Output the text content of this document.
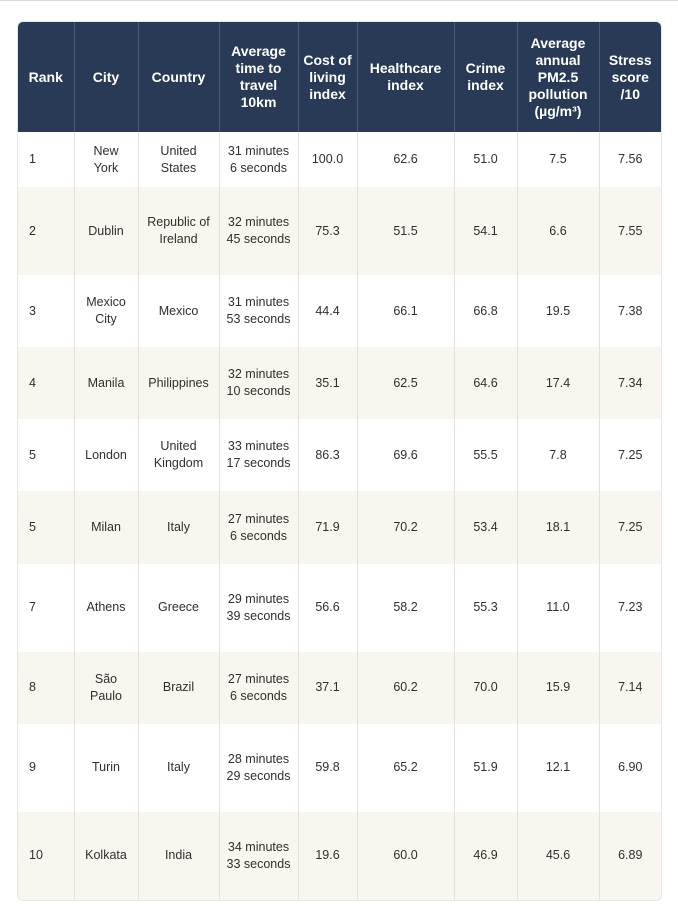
Rank	City	Country	Average time to travel 10km	Cost of living index	Healthcare index	Crime index	Average annual PM2.5 pollution (µg/m³)	Stress score /10
1	New York	United States	31 minutes 6 seconds	100.0	62.6	51.0	7.5	7.56
2	Dublin	Republic of Ireland	32 minutes 45 seconds	75.3	51.5	54.1	6.6	7.55
3	Mexico City	Mexico	31 minutes 53 seconds	44.4	66.1	66.8	19.5	7.38
4	Manila	Philippines	32 minutes 10 seconds	35.1	62.5	64.6	17.4	7.34
5	London	United Kingdom	33 minutes 17 seconds	86.3	69.6	55.5	7.8	7.25
5	Milan	Italy	27 minutes 6 seconds	71.9	70.2	53.4	18.1	7.25
7	Athens	Greece	29 minutes 39 seconds	56.6	58.2	55.3	11.0	7.23
8	São Paulo	Brazil	27 minutes 6 seconds	37.1	60.2	70.0	15.9	7.14
9	Turin	Italy	28 minutes 29 seconds	59.8	65.2	51.9	12.1	6.90
10	Kolkata	India	34 minutes 33 seconds	19.6	60.0	46.9	45.6	6.89
